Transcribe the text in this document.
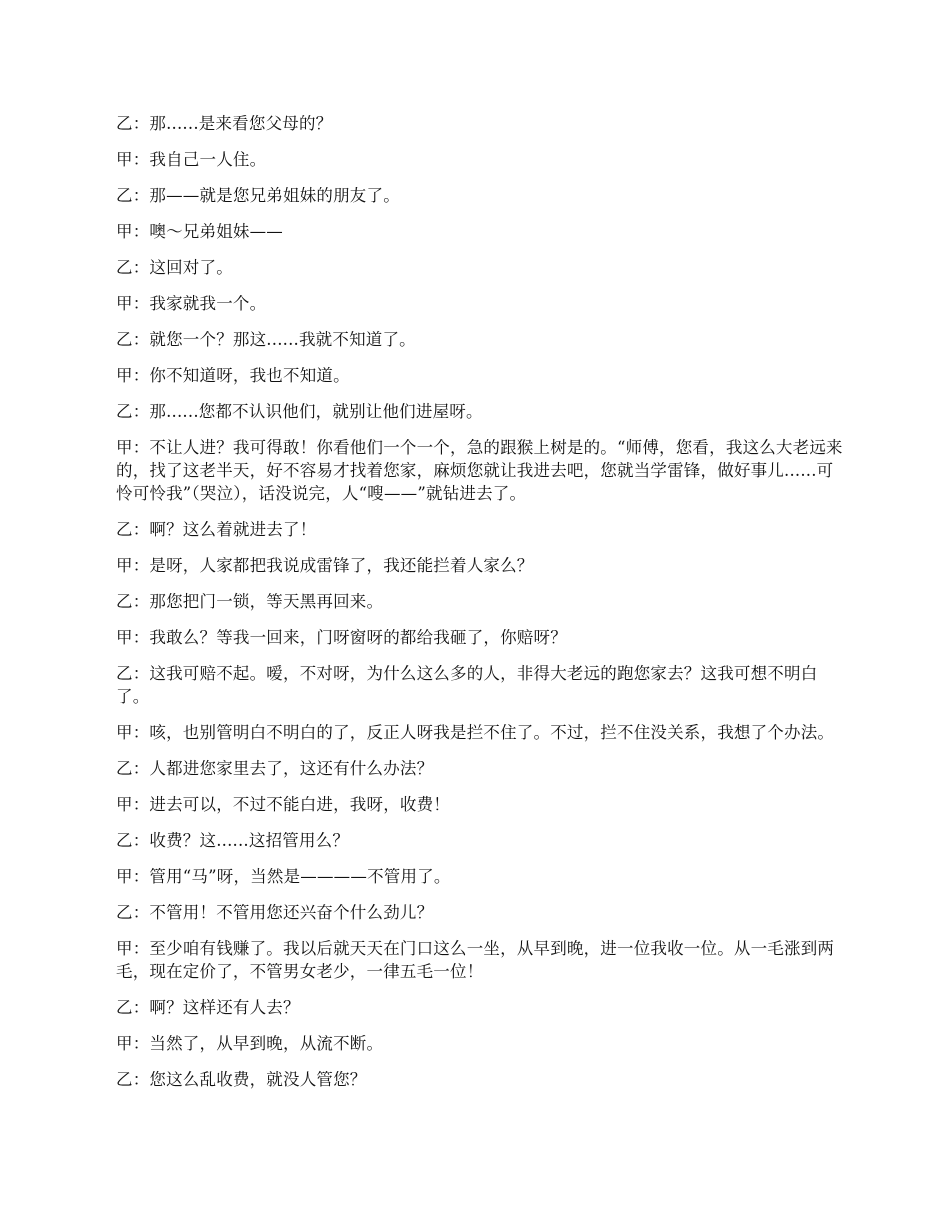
乙：那......是来看您父母的？

甲：我自己一人住。

乙：那——就是您兄弟姐妹的朋友了。

甲：噢～兄弟姐妹——

乙：这回对了。

甲：我家就我一个。

乙：就您一个？那这......我就不知道了。

甲：你不知道呀，我也不知道。

乙：那......您都不认识他们，就别让他们进屋呀。

甲：不让人进？我可得敢！你看他们一个一个，急的跟猴上树是的。“师傅，您看，我这么大老远来的，找了这老半天，好不容易才找着您家，麻烦您就让我进去吧，您就当学雷锋，做好事儿......可怜可怜我”（哭泣），话没说完，人“嗖——”就钻进去了。

乙：啊？这么着就进去了！

甲：是呀，人家都把我说成雷锋了，我还能拦着人家么？

乙：那您把门一锁，等天黑再回来。

甲：我敢么？等我一回来，门呀窗呀的都给我砸了，你赔呀？

乙：这我可赔不起。嗳，不对呀，为什么这么多的人，非得大老远的跑您家去？这我可想不明白了。

甲：咳，也别管明白不明白的了，反正人呀我是拦不住了。不过，拦不住没关系，我想了个办法。

乙：人都进您家里去了，这还有什么办法？

甲：进去可以，不过不能白进，我呀，收费！

乙：收费？这......这招管用么？

甲：管用“马”呀，当然是————不管用了。

乙：不管用！不管用您还兴奋个什么劲儿？

甲：至少咱有钱赚了。我以后就天天在门口这么一坐，从早到晚，进一位我收一位。从一毛涨到两毛，现在定价了，不管男女老少，一律五毛一位！

乙：啊？这样还有人去？

甲：当然了，从早到晚，从流不断。

乙：您这么乱收费，就没人管您？
